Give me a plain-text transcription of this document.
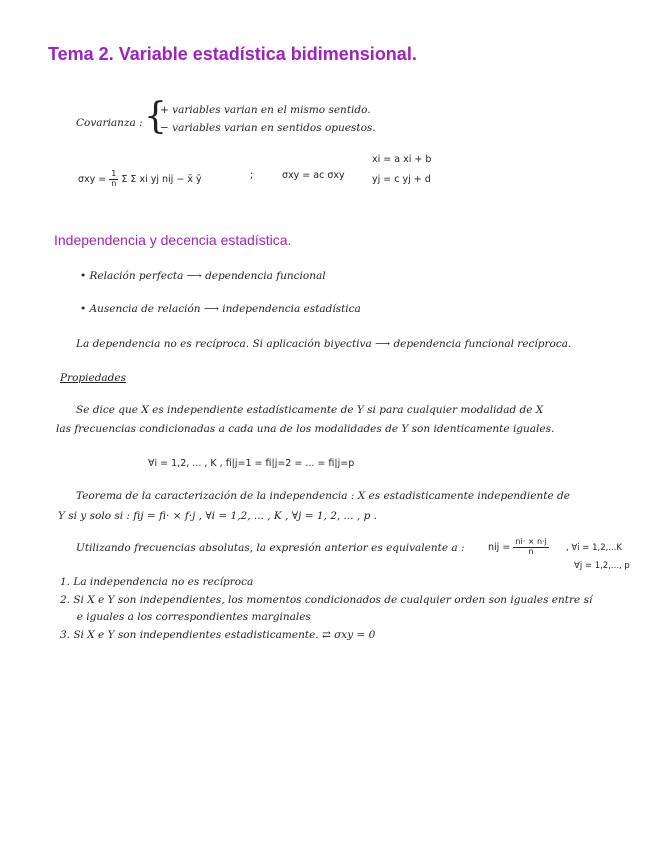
Tema 2. Variable estadística bidimensional.
Covarianza : {
+ variables varian en el mismo sentido.
− variables varian en sentidos opuestos.
$\sigma xy = \frac{1}{n}$ Σ Σ xi yj nij − x̄ ȳ	;	σxy = ac σxy
xi = a xi + b
yj = c yj + d
Independencia y decencia estadística.
• Relación perfecta ⟶ dependencia funcional
• Ausencia de relación ⟶ independencia estadística
La dependencia no es recíproca. Si aplicación biyectiva ⟶ dependencia funcional recíproca.
Propiedades
Se dice que X es independiente estadísticamente de Y si para cualquier modalidad de X
las frecuencias condicionadas a cada una de los modalidades de Y son identicamente iguales.
∀i = 1,2, ... , K , fi|j=1 = fi|j=2 = ... = fi|j=p
Teorema de la caracterización de la independencia : X es estadisticamente independiente de
Y si y solo si : fij = fi· × f·j , ∀i = 1,2, ... , K , ∀j = 1, 2, ... , p .
Utilizando frecuencias absolutas, la expresión anterior es equivalente a : nij = $\frac{ni\cdot \times n\cdot j}{n}$ , ∀i = 1,2,...K
∀j = 1,2,..., p
1. La independencia no es recíproca
2. Si X e Y son independientes, los momentos condicionados de cualquier orden son iguales entre sí
e iguales a los correspondientes marginales
3. Si X e Y son independientes estadisticamente. ⇄ σxy = 0
